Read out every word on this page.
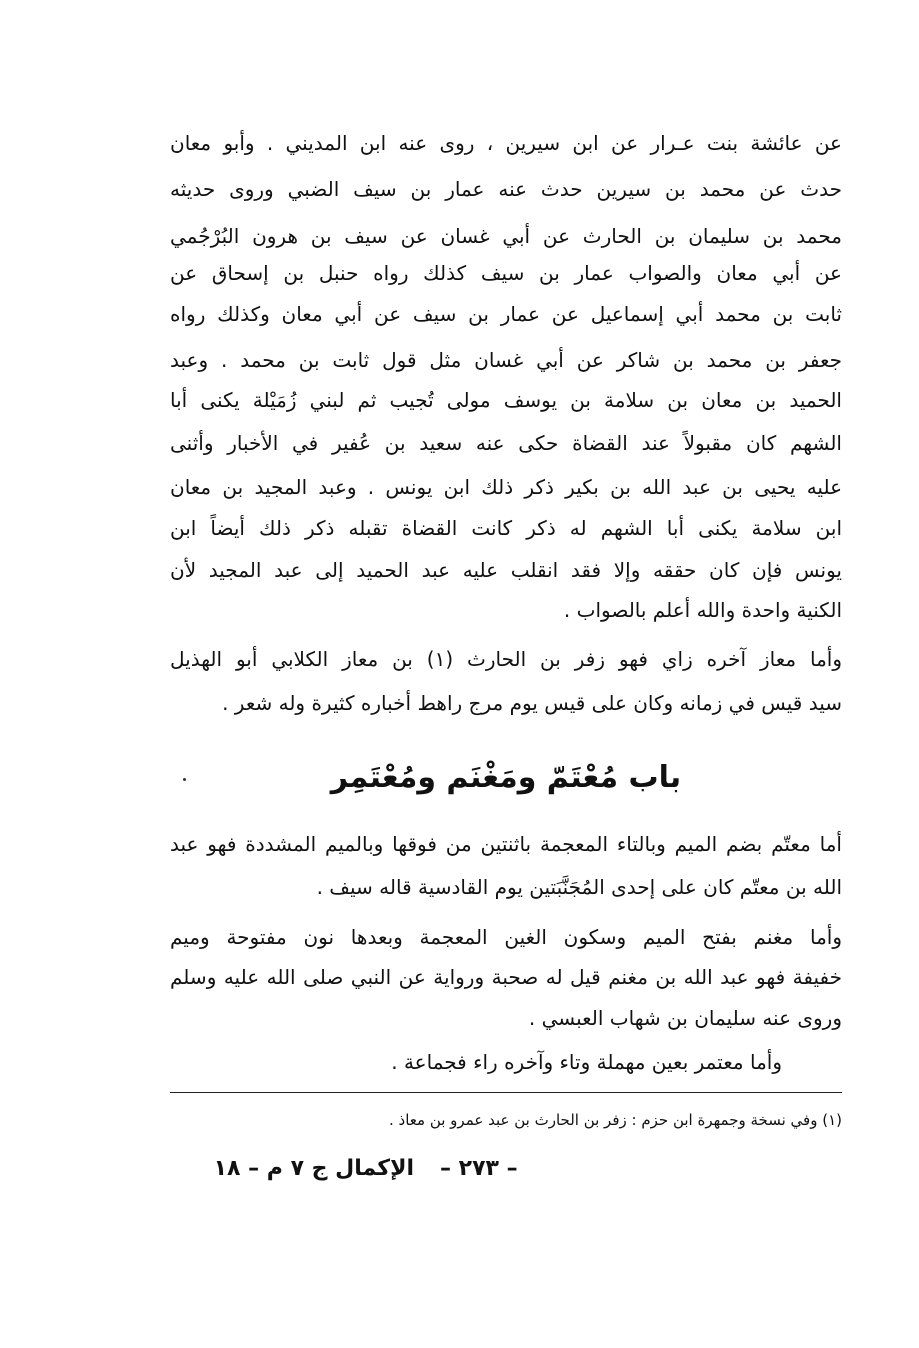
عن عائشة بنت عـرار عن ابن سيرين ، روى عنه ابن المديني . وأبو معان
حدث عن محمد بن سيرين حدث عنه عمار بن سيف الضبي وروى حديثه
محمد بن سليمان بن الحارث عن أبي غسان عن سيف بن هرون البُرْجُمي
عن أبي معان والصواب عمار بن سيف كذلك رواه حنبل بن إسحاق عن
ثابت بن محمد أبي إسماعيل عن عمار بن سيف عن أبي معان وكذلك رواه
جعفر بن محمد بن شاكر عن أبي غسان مثل قول ثابت بن محمد . وعبد
الحميد بن معان بن سلامة بن يوسف مولى تُجيب ثم لبني زُمَيْلة يكنى أبا
الشهم كان مقبولاً عند القضاة حكى عنه سعيد بن عُفير في الأخبار وأثنى
عليه يحيى بن عبد الله بن بكير ذكر ذلك ابن يونس . وعبد المجيد بن معان
ابن سلامة يكنى أبا الشهم له ذكر كانت القضاة تقبله ذكر ذلك أيضاً ابن
يونس فإن كان حققه وإلا فقد انقلب عليه عبد الحميد إلى عبد المجيد لأن
الكنية واحدة والله أعلم بالصواب .
وأما معاز آخره زاي فهو زفر بن الحارث (١) بن معاز الكلابي أبو الهذيل
سيد قيس في زمانه وكان على قيس يوم مرج راهط أخباره كثيرة وله شعر .
باب مُعْتَمّ ومَغْنَم ومُعْتَمِر
أما معتّم بضم الميم وبالتاء المعجمة باثنتين من فوقها وبالميم المشددة فهو عبد
الله بن معتّم كان على إحدى المُجَنَّبَتين يوم القادسية قاله سيف .
وأما مغنم بفتح الميم وسكون الغين المعجمة وبعدها نون مفتوحة وميم
خفيفة فهو عبد الله بن مغنم قيل له صحبة ورواية عن النبي صلى الله عليه وسلم
وروى عنه سليمان بن شهاب العبسي .
وأما معتمر بعين مهملة وتاء وآخره راء فجماعة .
(١) وفي نسخة وجمهرة ابن حزم : زفر بن الحارث بن عبد عمرو بن معاذ .
– ٢٧٣ –
الإكمال ج ٧ م – ١٨
